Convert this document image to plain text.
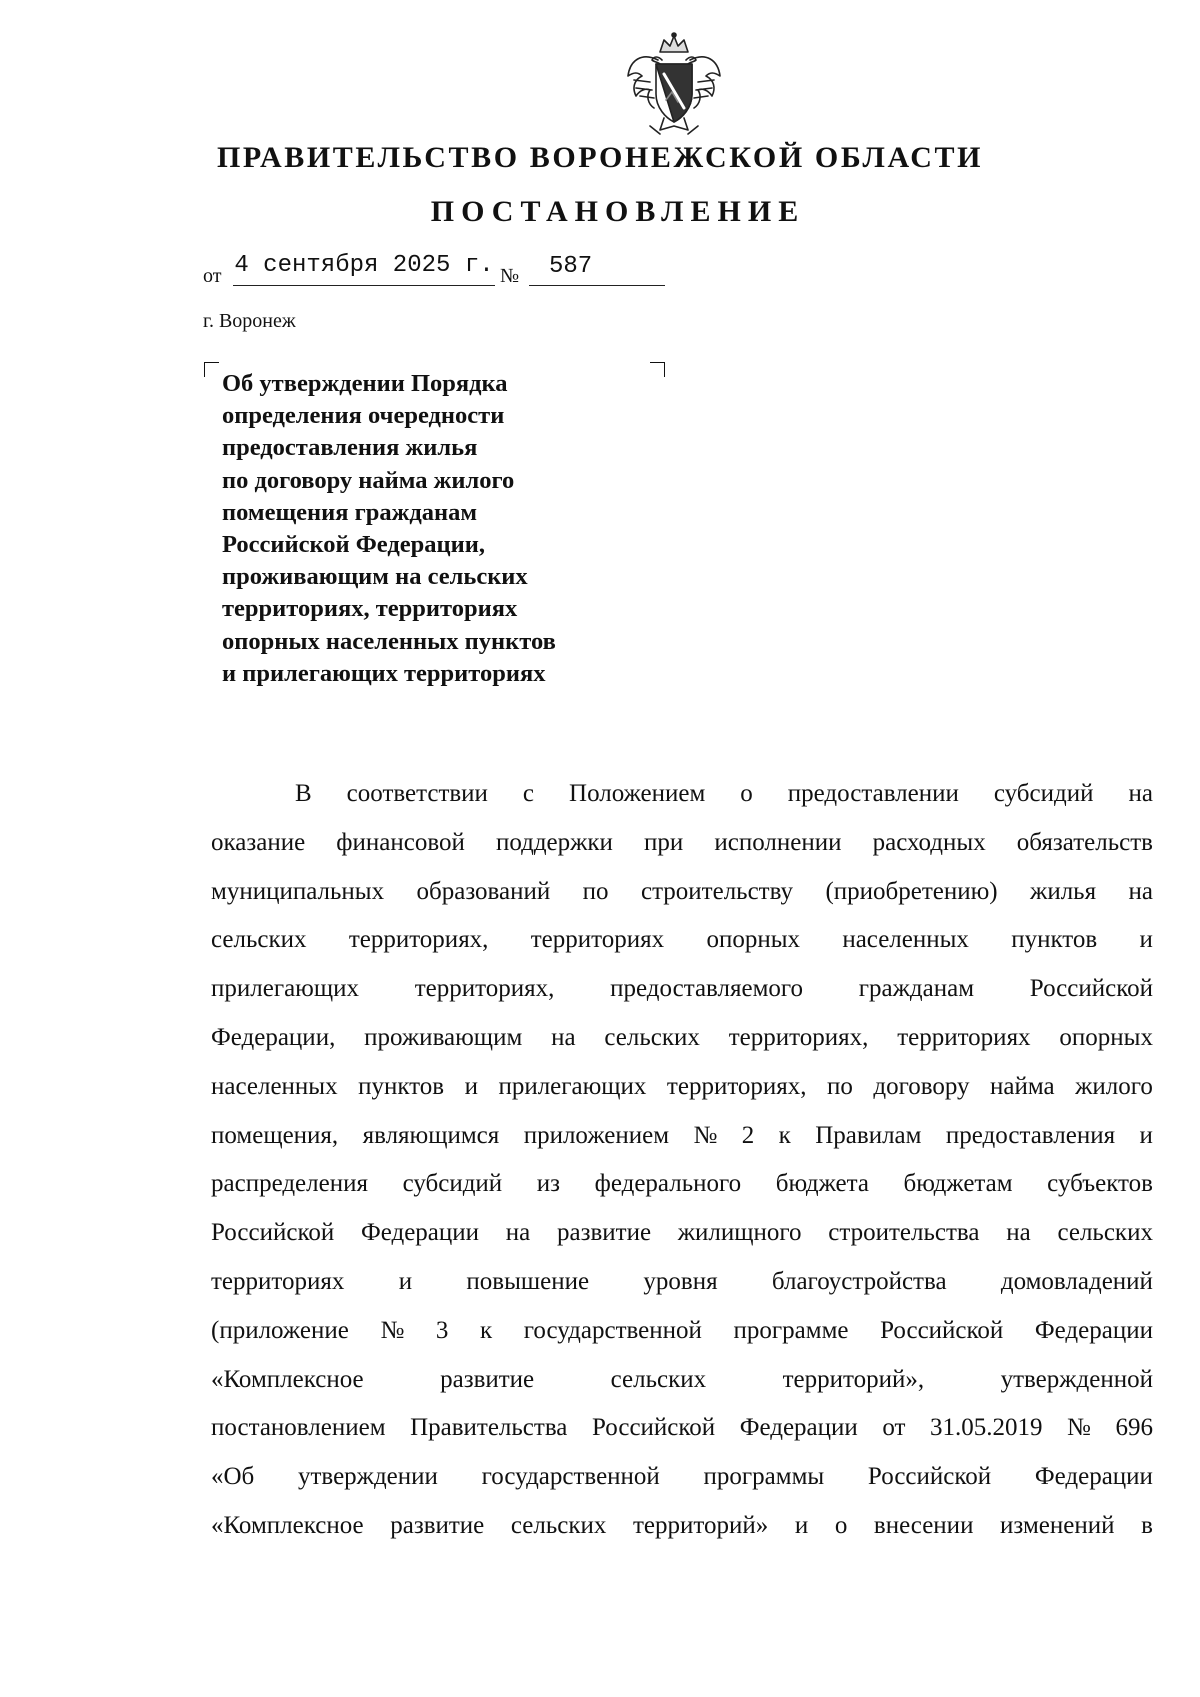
ПРАВИТЕЛЬСТВО ВОРОНЕЖСКОЙ ОБЛАСТИ
ПОСТАНОВЛЕНИЕ
от 4 сентября 2025 г. №	587
г. Воронеж
Об утверждении Порядка
определения очередности
предоставления жилья
по договору найма жилого
помещения гражданам
Российской Федерации,
проживающим на сельских
территориях, территориях
опорных населенных пунктов
и прилегающих территориях
В соответствии с Положением о предоставлении субсидий на
оказание финансовой поддержки при исполнении расходных обязательств
муниципальных образований по строительству (приобретению) жилья на
сельских территориях, территориях опорных населенных пунктов и
прилегающих территориях, предоставляемого гражданам Российской
Федерации, проживающим на сельских территориях, территориях опорных
населенных пунктов и прилегающих территориях, по договору найма жилого
помещения, являющимся приложением № 2 к Правилам предоставления и
распределения субсидий из федерального бюджета бюджетам субъектов
Российской Федерации на развитие жилищного строительства на сельских
территориях и повышение уровня благоустройства домовладений
(приложение № 3 к государственной программе Российской Федерации
«Комплексное	развитие	сельских	территорий»,	утвержденной
постановлением Правительства Российской Федерации от 31.05.2019 № 696
«Об утверждении государственной программы Российской Федерации
«Комплексное развитие сельских территорий» и о внесении изменений в
